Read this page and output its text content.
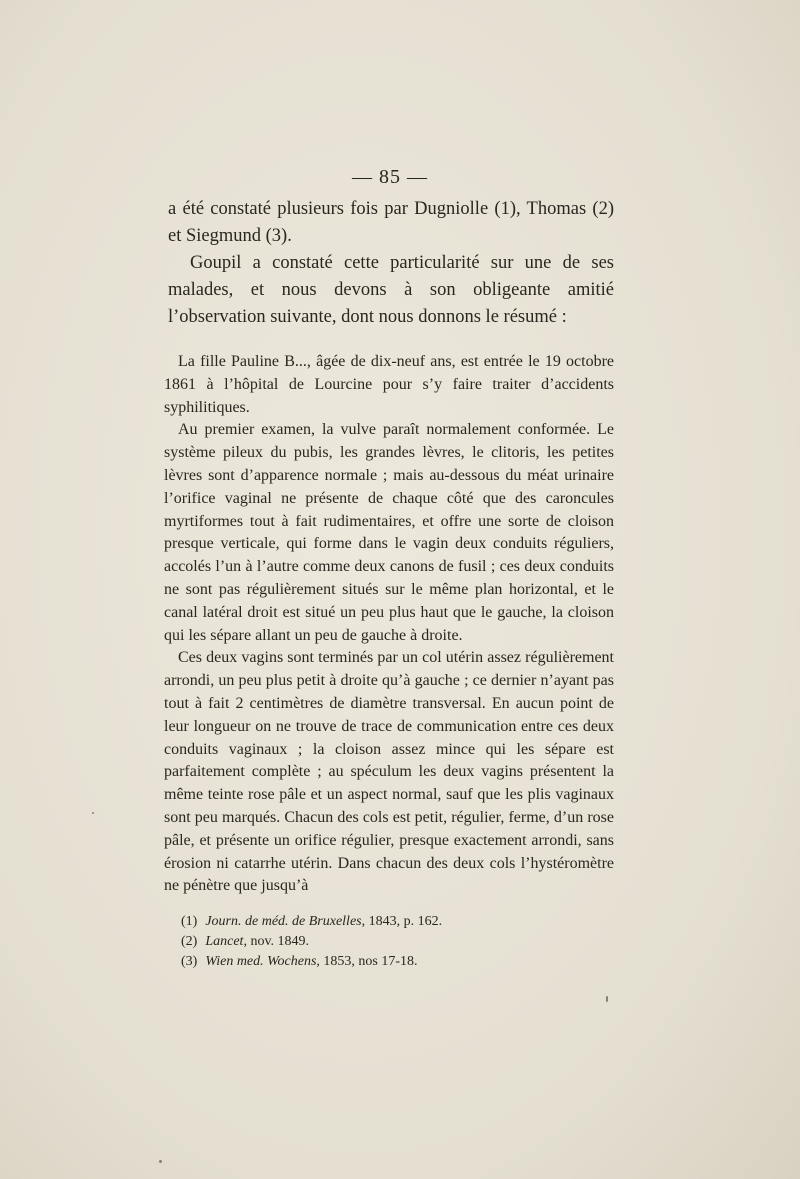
— 85 —

a été constaté plusieurs fois par Dugniolle (1), Thomas (2) et Siegmund (3).

Goupil a constaté cette particularité sur une de ses malades, et nous devons à son obligeante amitié l’observation suivante, dont nous donnons le résumé :

La fille Pauline B..., âgée de dix-neuf ans, est entrée le 19 octobre 1861 à l’hôpital de Lourcine pour s’y faire traiter d’accidents syphilitiques.

Au premier examen, la vulve paraît normalement conformée. Le système pileux du pubis, les grandes lèvres, le clitoris, les petites lèvres sont d’apparence normale ; mais au-dessous du méat urinaire l’orifice vaginal ne présente de chaque côté que des caroncules myrtiformes tout à fait rudimentaires, et offre une sorte de cloison presque verticale, qui forme dans le vagin deux conduits réguliers, accolés l’un à l’autre comme deux canons de fusil ; ces deux conduits ne sont pas régulièrement situés sur le même plan horizontal, et le canal latéral droit est situé un peu plus haut que le gauche, la cloison qui les sépare allant un peu de gauche à droite.

Ces deux vagins sont terminés par un col utérin assez régulièrement arrondi, un peu plus petit à droite qu’à gauche ; ce dernier n’ayant pas tout à fait 2 centimètres de diamètre transversal. En aucun point de leur longueur on ne trouve de trace de communication entre ces deux conduits vaginaux ; la cloison assez mince qui les sépare est parfaitement complète ; au spéculum les deux vagins présentent la même teinte rose pâle et un aspect normal, sauf que les plis vaginaux sont peu marqués. Chacun des cols est petit, régulier, ferme, d’un rose pâle, et présente un orifice régulier, presque exactement arrondi, sans érosion ni catarrhe utérin. Dans chacun des deux cols l’hystéromètre ne pénètre que jusqu’à

(1) Journ. de méd. de Bruxelles, 1843, p. 162.
(2) Lancet, nov. 1849.
(3) Wien med. Wochens, 1853, nos 17-18.
